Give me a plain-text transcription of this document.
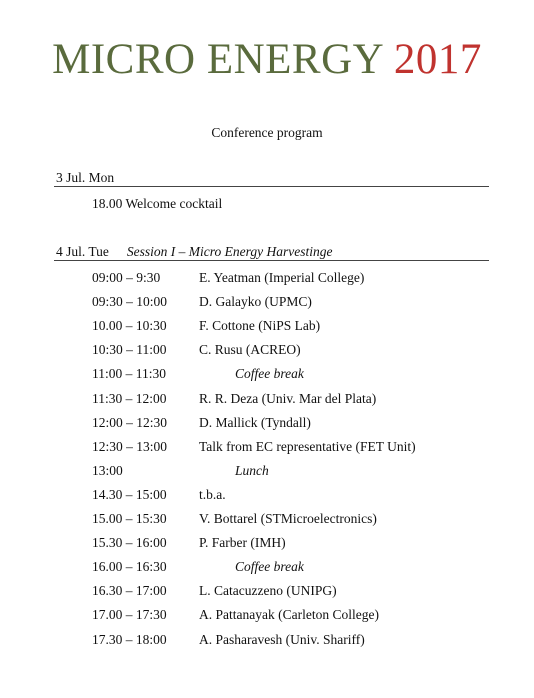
MICRO ENERGY 2017
Conference program
3 Jul. Mon
18.00 Welcome cocktail
4 Jul. Tue Session I – Micro Energy Harvestinge
09:00 – 9:30	E. Yeatman (Imperial College)
09:30 – 10:00 D. Galayko (UPMC)
10.00 – 10:30 F. Cottone (NiPS Lab)
10:30 – 11:00 C. Rusu (ACREO)
11:00 – 11:30	Coffee break
11:30 – 12:00 R. R. Deza (Univ. Mar del Plata)
12:00 – 12:30 D. Mallick (Tyndall)
12:30 – 13:00 Talk from EC representative (FET Unit)
13:00	Lunch
14.30 – 15:00 t.b.a.
15.00 – 15:30 V. Bottarel (STMicroelectronics)
15.30 – 16:00 P. Farber (IMH)
16.00 – 16:30	Coffee break
16.30 – 17:00 L. Catacuzzeno (UNIPG)
17.00 – 17:30 A. Pattanayak (Carleton College)
17.30 – 18:00 A. Pasharavesh (Univ. Shariff)
